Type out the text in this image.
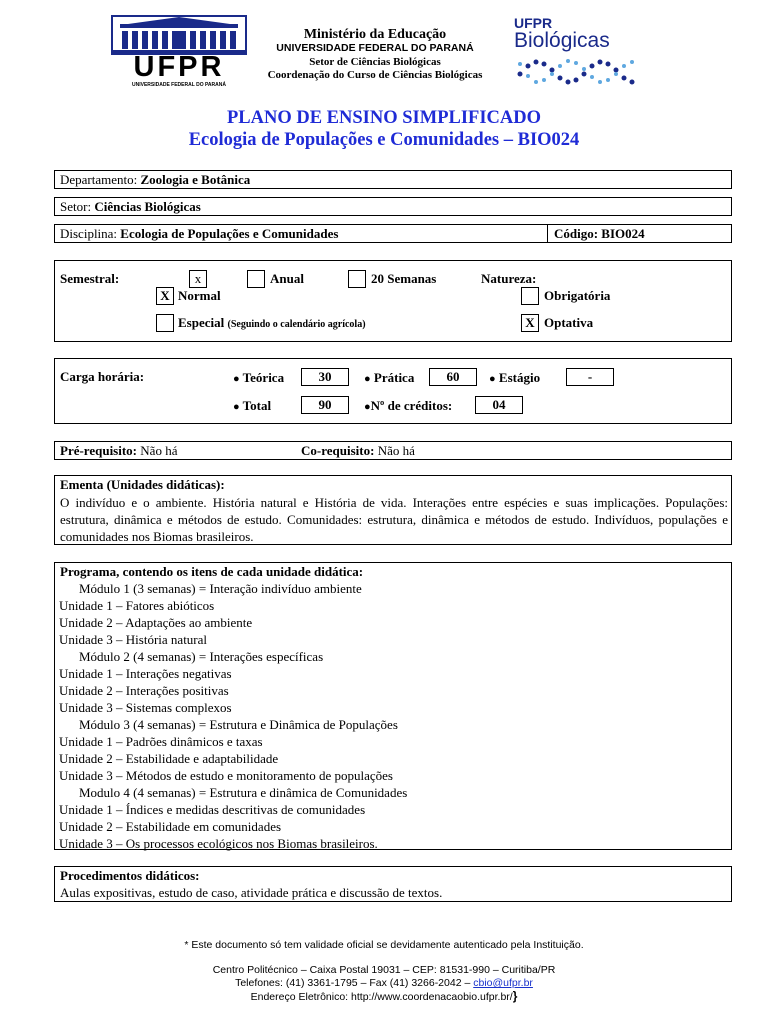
UFPR
UNIVERSIDADE FEDERAL DO PARANÁ
Ministério da Educação
UNIVERSIDADE FEDERAL DO PARANÁ
Setor de Ciências Biológicas
Coordenação do Curso de Ciências Biológicas
UFPR
Biológicas
PLANO DE ENSINO SIMPLIFICADO
Ecologia de Populações e Comunidades – BIO024
Departamento: Zoologia e Botânica
Setor: Ciências Biológicas
Disciplina: Ecologia de Populações e Comunidades	Código: BIO024
Semestral:	x	Anual	20 Semanas	Natureza:
X Normal	Obrigatória
Especial (Seguindo o calendário agrícola)	X Optativa
Carga horária:	● Teórica	30	● Prática	60	● Estágio	-
● Total	90	●Nº de créditos:	04
Pré-requisito: Não há	Co-requisito: Não há
Ementa (Unidades didáticas):
O indivíduo e o ambiente. História natural e História de vida. Interações entre espécies e suas implicações. Populações: estrutura, dinâmica e métodos de estudo. Comunidades: estrutura, dinâmica e métodos de estudo. Indivíduos, populações e comunidades nos Biomas brasileiros.
Programa, contendo os itens de cada unidade didática:
Módulo 1 (3 semanas) = Interação indivíduo ambiente
Unidade 1 – Fatores abióticos
Unidade 2 – Adaptações ao ambiente
Unidade 3 – História natural
Módulo 2 (4 semanas) = Interações específicas
Unidade 1 – Interações negativas
Unidade 2 – Interações positivas
Unidade 3 – Sistemas complexos
Módulo 3 (4 semanas) = Estrutura e Dinâmica de Populações
Unidade 1 – Padrões dinâmicos e taxas
Unidade 2 – Estabilidade e adaptabilidade
Unidade 3 – Métodos de estudo e monitoramento de populações
Modulo 4 (4 semanas) = Estrutura e dinâmica de Comunidades
Unidade 1 – Índices e medidas descritivas de comunidades
Unidade 2 – Estabilidade em comunidades
Unidade 3 – Os processos ecológicos nos Biomas brasileiros.
Procedimentos didáticos:
Aulas expositivas, estudo de caso, atividade prática e discussão de textos.
* Este documento só tem validade oficial se devidamente autenticado pela Instituição.
Centro Politécnico – Caixa Postal 19031 – CEP: 81531-990 – Curitiba/PR
Telefones: (41) 3361-1795 – Fax (41) 3266-2042 – cbio@ufpr.br
Endereço Eletrônico: http://www.coordenacaobio.ufpr.br/}
